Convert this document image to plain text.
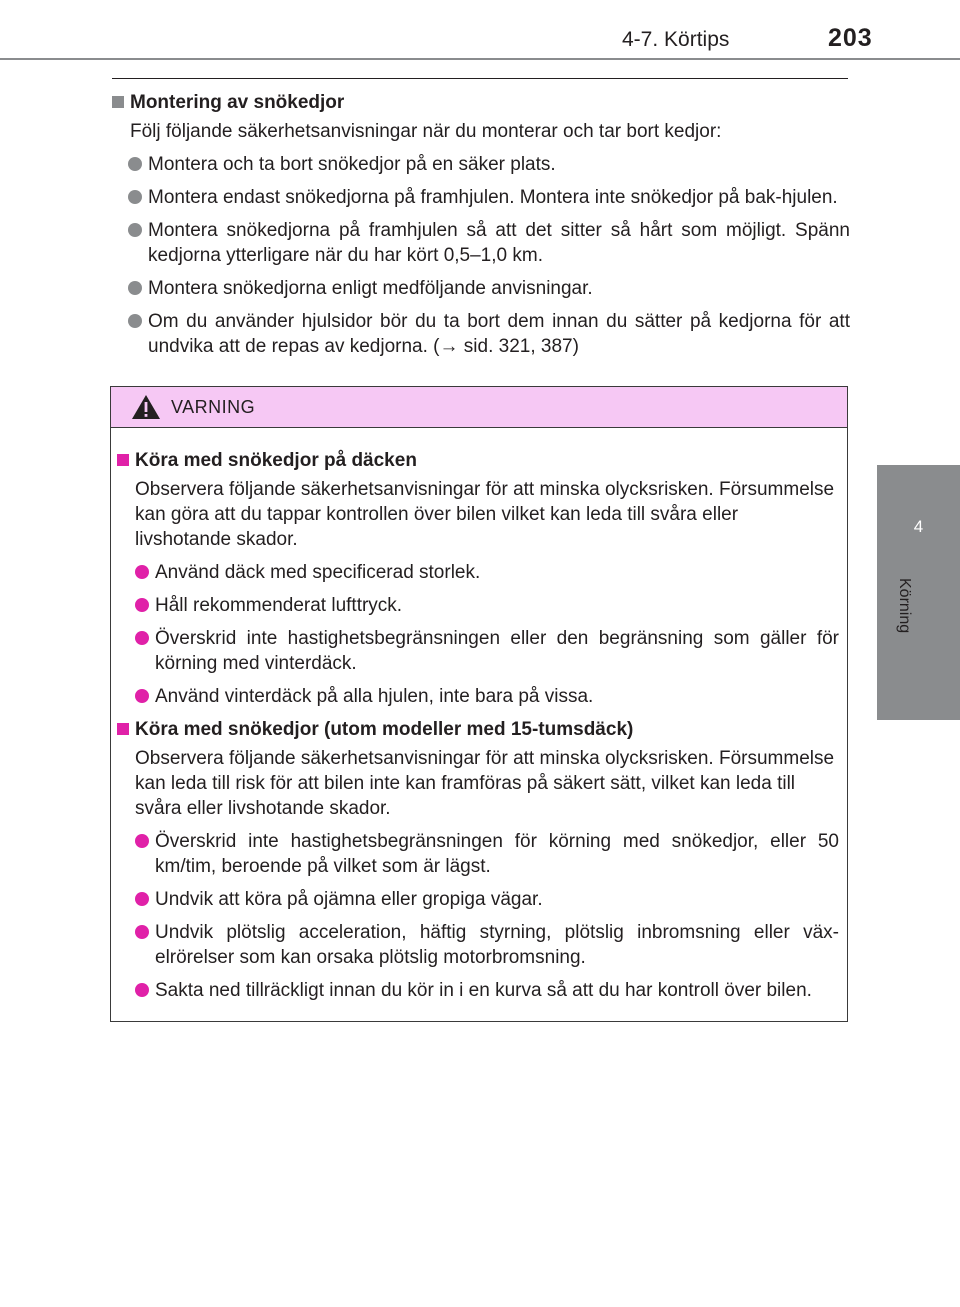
4-7. Körtips	203
4
Körning
Montering av snökedjor
Följ följande säkerhetsanvisningar när du monterar och tar bort kedjor:
Montera och ta bort snökedjor på en säker plats.
Montera endast snökedjorna på framhjulen. Montera inte snökedjor på bak-hjulen.
Montera snökedjorna på framhjulen så att det sitter så hårt som möjligt. Spänn kedjorna ytterligare när du har kört 0,5–1,0 km.
Montera snökedjorna enligt medföljande anvisningar.
Om du använder hjulsidor bör du ta bort dem innan du sätter på kedjorna för att undvika att de repas av kedjorna. (→ sid. 321, 387)
VARNING
Köra med snökedjor på däcken
Observera följande säkerhetsanvisningar för att minska olycksrisken. Försummelse kan göra att du tappar kontrollen över bilen vilket kan leda till svåra eller livshotande skador.
Använd däck med specificerad storlek.
Håll rekommenderat lufttryck.
Överskrid inte hastighetsbegränsningen eller den begränsning som gäller för körning med vinterdäck.
Använd vinterdäck på alla hjulen, inte bara på vissa.
Köra med snökedjor (utom modeller med 15-tumsdäck)
Observera följande säkerhetsanvisningar för att minska olycksrisken. Försummelse kan leda till risk för att bilen inte kan framföras på säkert sätt, vilket kan leda till svåra eller livshotande skador.
Överskrid inte hastighetsbegränsningen för körning med snökedjor, eller 50 km/tim, beroende på vilket som är lägst.
Undvik att köra på ojämna eller gropiga vägar.
Undvik plötslig acceleration, häftig styrning, plötslig inbromsning eller väx-elrörelser som kan orsaka plötslig motorbromsning.
Sakta ned tillräckligt innan du kör in i en kurva så att du har kontroll över bilen.
